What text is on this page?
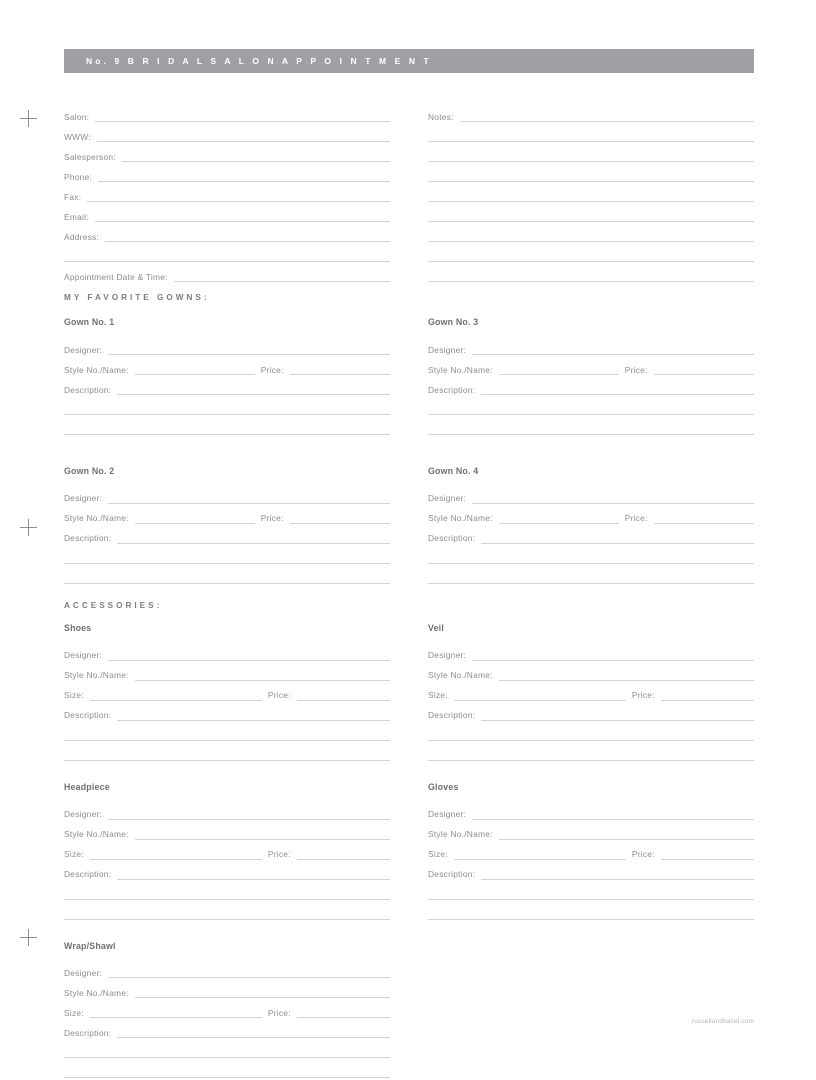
No. 9 B R I D A L S A L O N A P P O I N T M E N T
Salon:
WWW:
Salesperson:
Phone:
Fax:
Email:
Address:
Appointment Date & Time:
Notes:
MY FAVORITE GOWNS:
Gown No. 1
Designer:
Style No./Name:	Price:
Description:
Gown No. 3
Designer:
Style No./Name:	Price:
Description:
Gown No. 2
Designer:
Style No./Name:	Price:
Description:
Gown No. 4
Designer:
Style No./Name:	Price:
Description:
ACCESSORIES:
Shoes
Designer:
Style No./Name:
Size:	Price:
Description:
Veil
Designer:
Style No./Name:
Size:	Price:
Description:
Headpiece
Designer:
Style No./Name:
Size:	Price:
Description:
Gloves
Designer:
Style No./Name:
Size:	Price:
Description:
Wrap/Shawl
Designer:
Style No./Name:
Size:	Price:
Description:
russellandhazel.com
